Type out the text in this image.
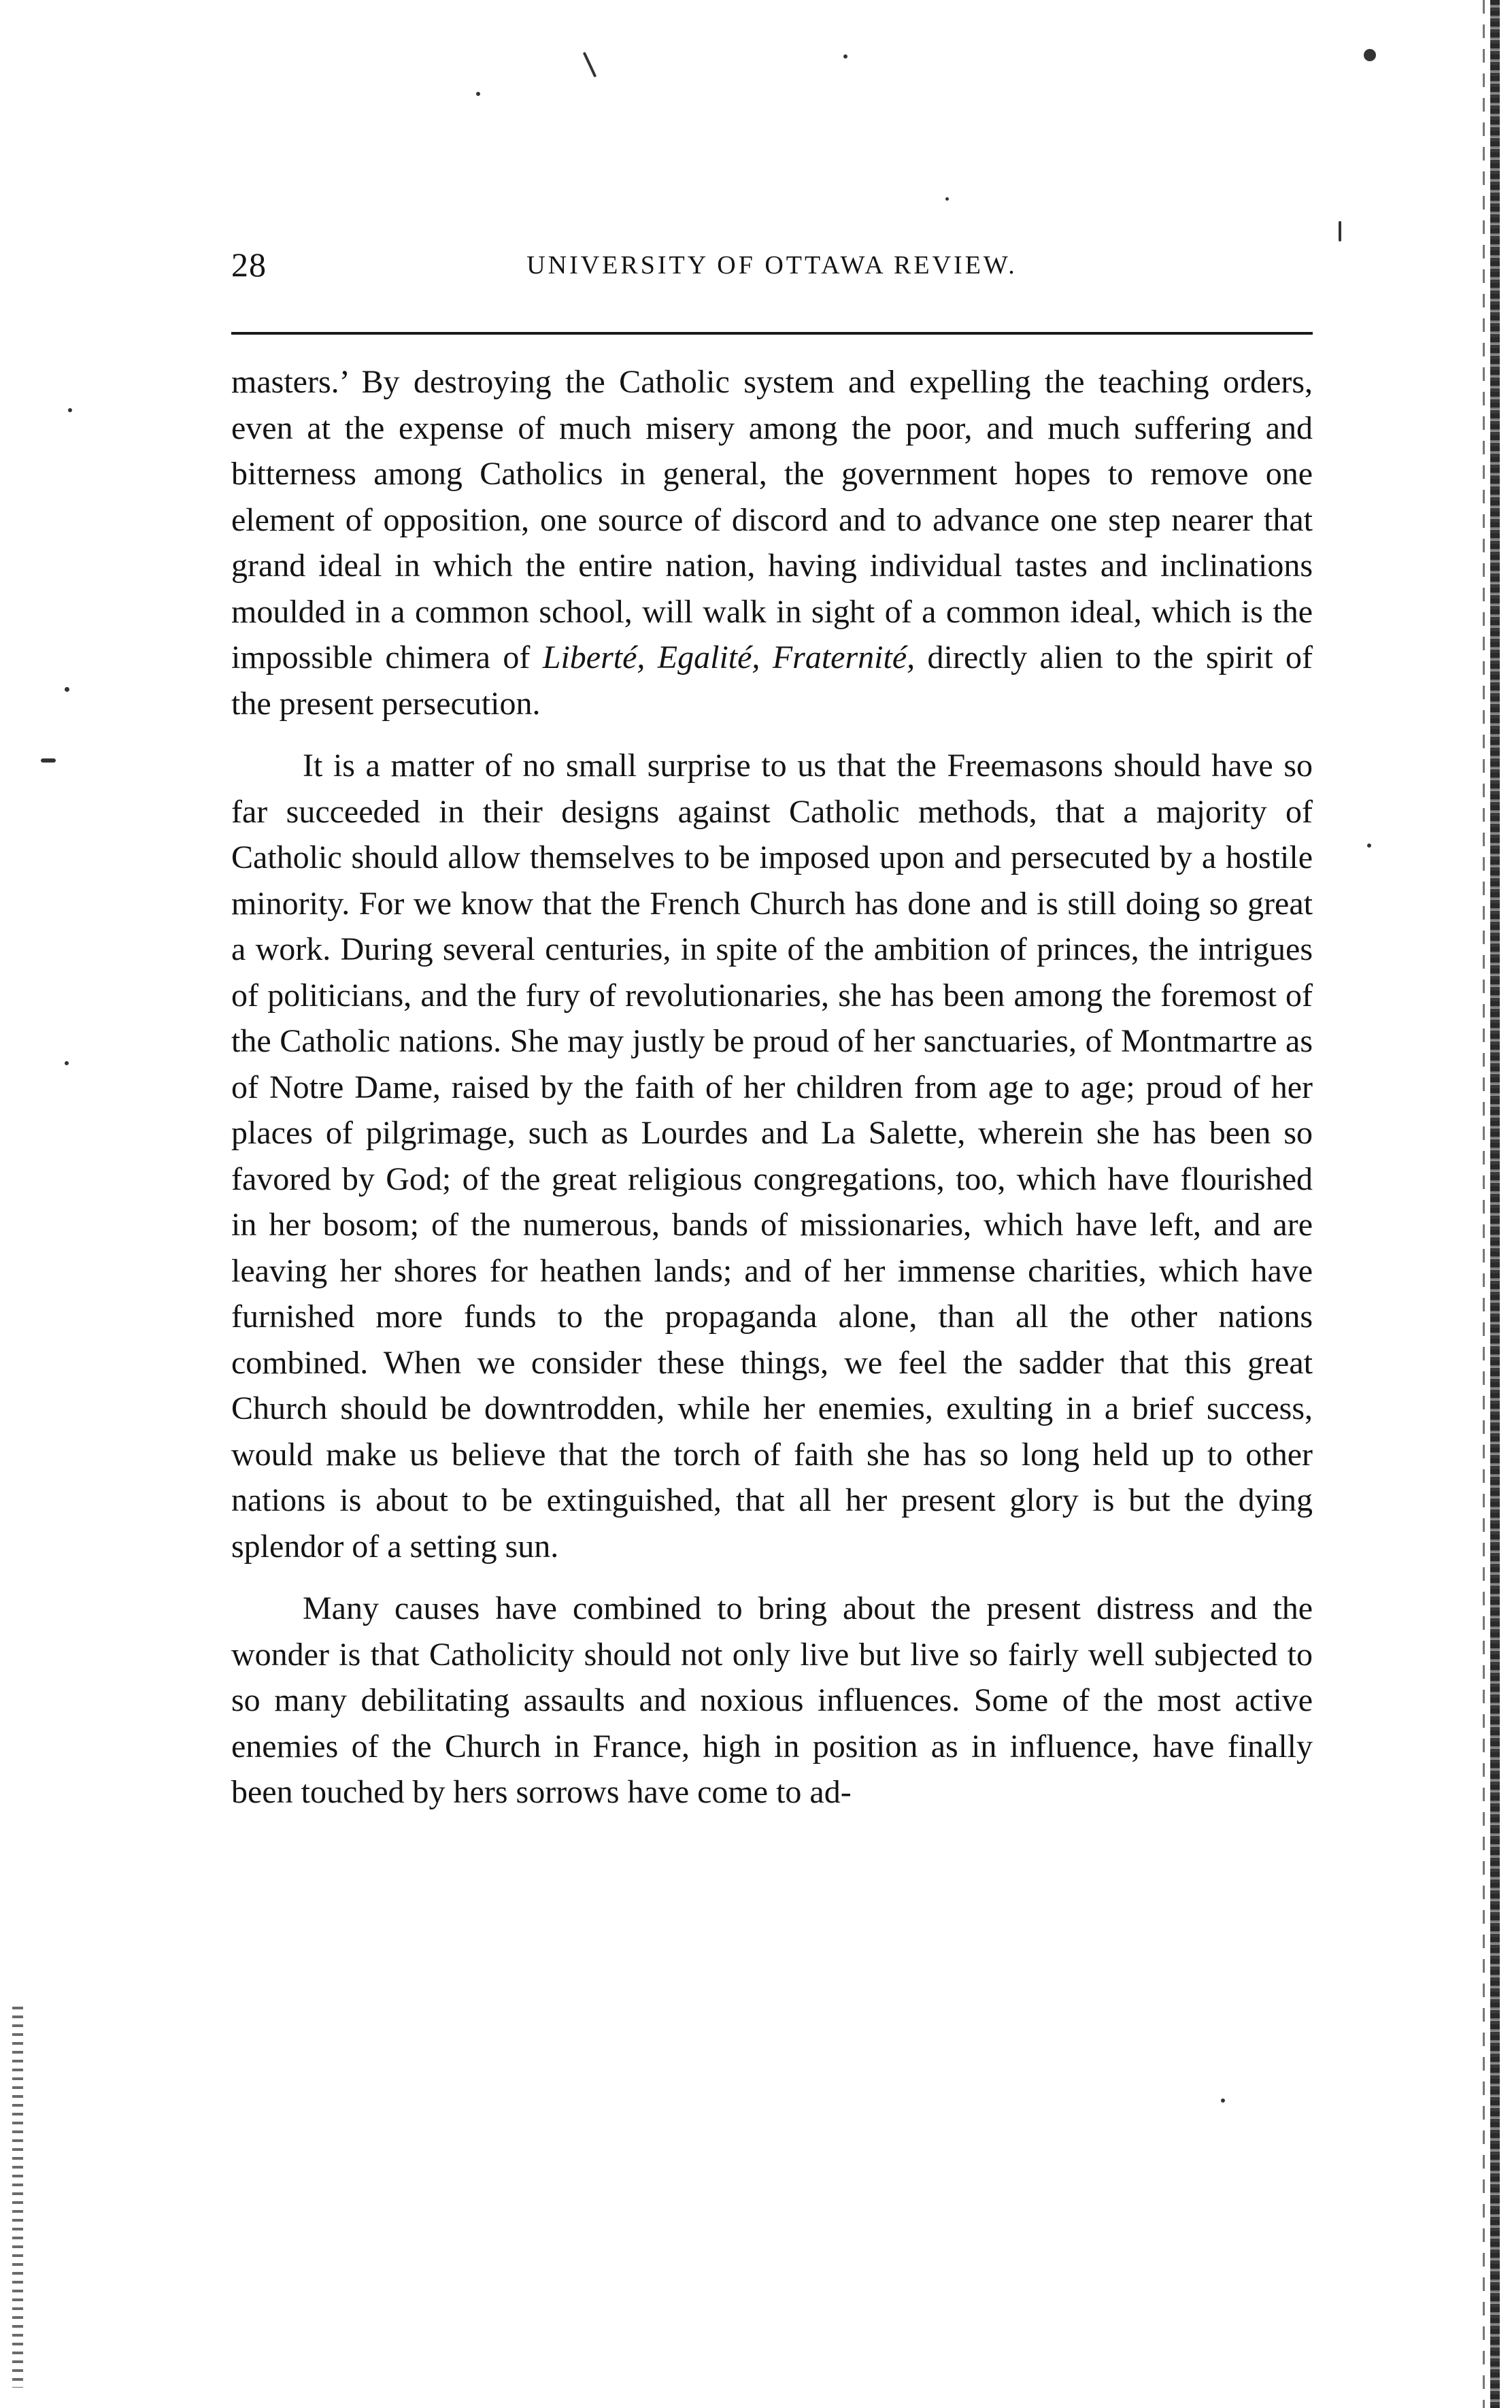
28	UNIVERSITY OF OTTAWA REVIEW.

masters.’ By destroying the Catholic system and expelling the teaching orders, even at the expense of much misery among the poor, and much suffering and bitterness among Catholics in general, the government hopes to remove one element of opposition, one source of discord and to advance one step nearer that grand ideal in which the entire nation, having individual tastes and inclinations moulded in a common school, will walk in sight of a common ideal, which is the impossible chimera of Liberté, Egalité, Fraternité, directly alien to the spirit of the present persecution.

It is a matter of no small surprise to us that the Freemasons should have so far succeeded in their designs against Catholic methods, that a majority of Catholic should allow themselves to be imposed upon and persecuted by a hostile minority. For we know that the French Church has done and is still doing so great a work. During several centuries, in spite of the ambition of princes, the intrigues of politicians, and the fury of revolutionaries, she has been among the foremost of the Catholic nations. She may justly be proud of her sanctuaries, of Montmartre as of Notre Dame, raised by the faith of her children from age to age; proud of her places of pilgrimage, such as Lourdes and La Salette, wherein she has been so favored by God; of the great religious congregations, too, which have flourished in her bosom; of the numerous, bands of missionaries, which have left, and are leaving her shores for heathen lands; and of her immense charities, which have furnished more funds to the propaganda alone, than all the other nations combined. When we consider these things, we feel the sadder that this great Church should be downtrodden, while her enemies, exulting in a brief success, would make us believe that the torch of faith she has so long held up to other nations is about to be extinguished, that all her present glory is but the dying splendor of a setting sun.

Many causes have combined to bring about the present distress and the wonder is that Catholicity should not only live but live so fairly well subjected to so many debilitating assaults and noxious influences. Some of the most active enemies of the Church in France, high in position as in influence, have finally been touched by hers sorrows have come to ad-
